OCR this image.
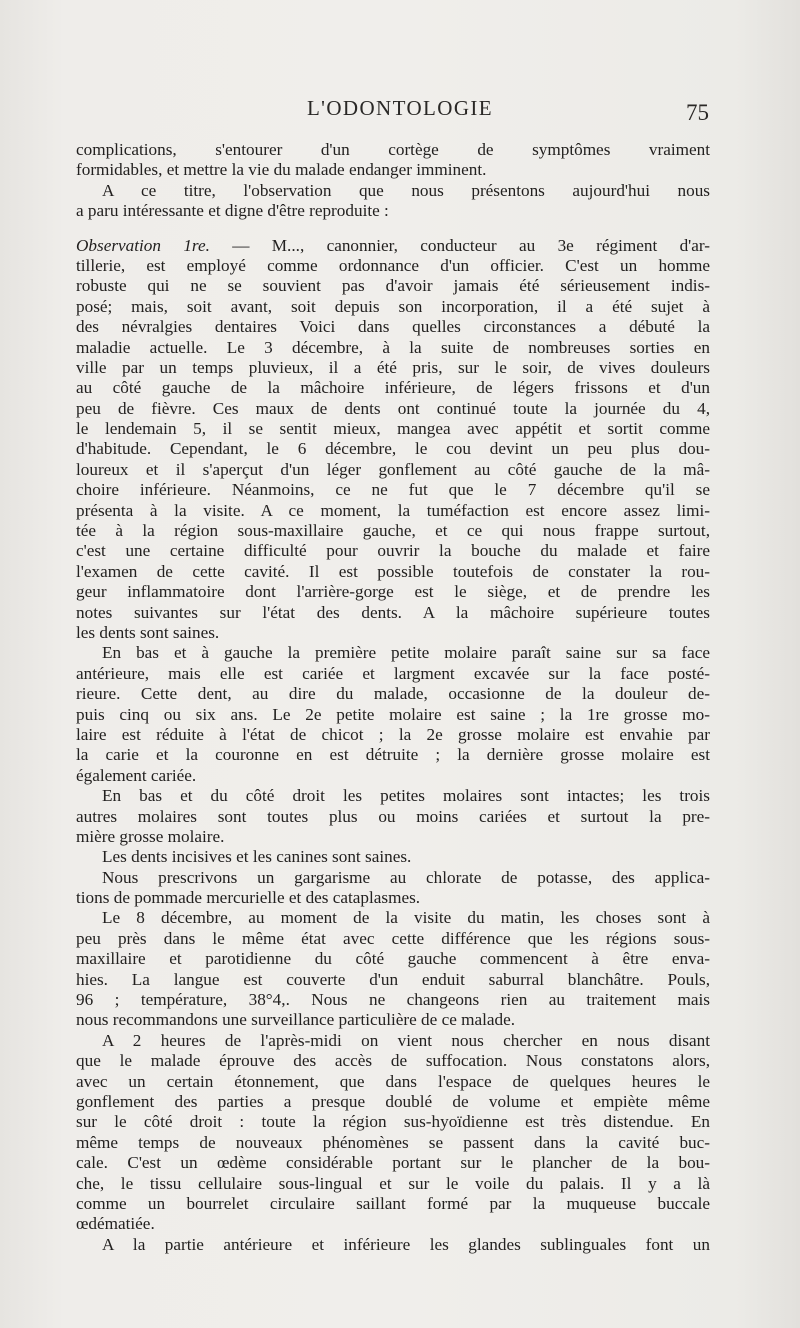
L'ODONTOLOGIE	75
complications, s'entourer d'un cortège de symptômes vraiment
formidables, et mettre la vie du malade endanger imminent.
A ce titre, l'observation que nous présentons aujourd'hui nous
a paru intéressante et digne d'être reproduite :
Observation 1re. — M..., canonnier, conducteur au 3e régiment d'ar-
tillerie, est employé comme ordonnance d'un officier. C'est un homme
robuste qui ne se souvient pas d'avoir jamais été sérieusement indis-
posé; mais, soit avant, soit depuis son incorporation, il a été sujet à
des névralgies dentaires Voici dans quelles circonstances a débuté la
maladie actuelle. Le 3 décembre, à la suite de nombreuses sorties en
ville par un temps pluvieux, il a été pris, sur le soir, de vives douleurs
au côté gauche de la mâchoire inférieure, de légers frissons et d'un
peu de fièvre. Ces maux de dents ont continué toute la journée du 4,
le lendemain 5, il se sentit mieux, mangea avec appétit et sortit comme
d'habitude. Cependant, le 6 décembre, le cou devint un peu plus dou-
loureux et il s'aperçut d'un léger gonflement au côté gauche de la mâ-
choire inférieure. Néanmoins, ce ne fut que le 7 décembre qu'il se
présenta à la visite. A ce moment, la tuméfaction est encore assez limi-
tée à la région sous-maxillaire gauche, et ce qui nous frappe surtout,
c'est une certaine difficulté pour ouvrir la bouche du malade et faire
l'examen de cette cavité. Il est possible toutefois de constater la rou-
geur inflammatoire dont l'arrière-gorge est le siège, et de prendre les
notes suivantes sur l'état des dents. A la mâchoire supérieure toutes
les dents sont saines.
En bas et à gauche la première petite molaire paraît saine sur sa face
antérieure, mais elle est cariée et largment excavée sur la face posté-
rieure. Cette dent, au dire du malade, occasionne de la douleur de-
puis cinq ou six ans. Le 2e petite molaire est saine ; la 1re grosse mo-
laire est réduite à l'état de chicot ; la 2e grosse molaire est envahie par
la carie et la couronne en est détruite ; la dernière grosse molaire est
également cariée.
En bas et du côté droit les petites molaires sont intactes; les trois
autres molaires sont toutes plus ou moins cariées et surtout la pre-
mière grosse molaire.
Les dents incisives et les canines sont saines.
Nous prescrivons un gargarisme au chlorate de potasse, des applica-
tions de pommade mercurielle et des cataplasmes.
Le 8 décembre, au moment de la visite du matin, les choses sont à
peu près dans le même état avec cette différence que les régions sous-
maxillaire et parotidienne du côté gauche commencent à être enva-
hies. La langue est couverte d'un enduit saburral blanchâtre. Pouls,
96 ; température, 38°4,. Nous ne changeons rien au traitement mais
nous recommandons une surveillance particulière de ce malade.
A 2 heures de l'après-midi on vient nous chercher en nous disant
que le malade éprouve des accès de suffocation. Nous constatons alors,
avec un certain étonnement, que dans l'espace de quelques heures le
gonflement des parties a presque doublé de volume et empiète même
sur le côté droit : toute la région sus-hyoïdienne est très distendue. En
même temps de nouveaux phénomènes se passent dans la cavité buc-
cale. C'est un œdème considérable portant sur le plancher de la bou-
che, le tissu cellulaire sous-lingual et sur le voile du palais. Il y a là
comme un bourrelet circulaire saillant formé par la muqueuse buccale
œdématiée.
A la partie antérieure et inférieure les glandes sublinguales font un
